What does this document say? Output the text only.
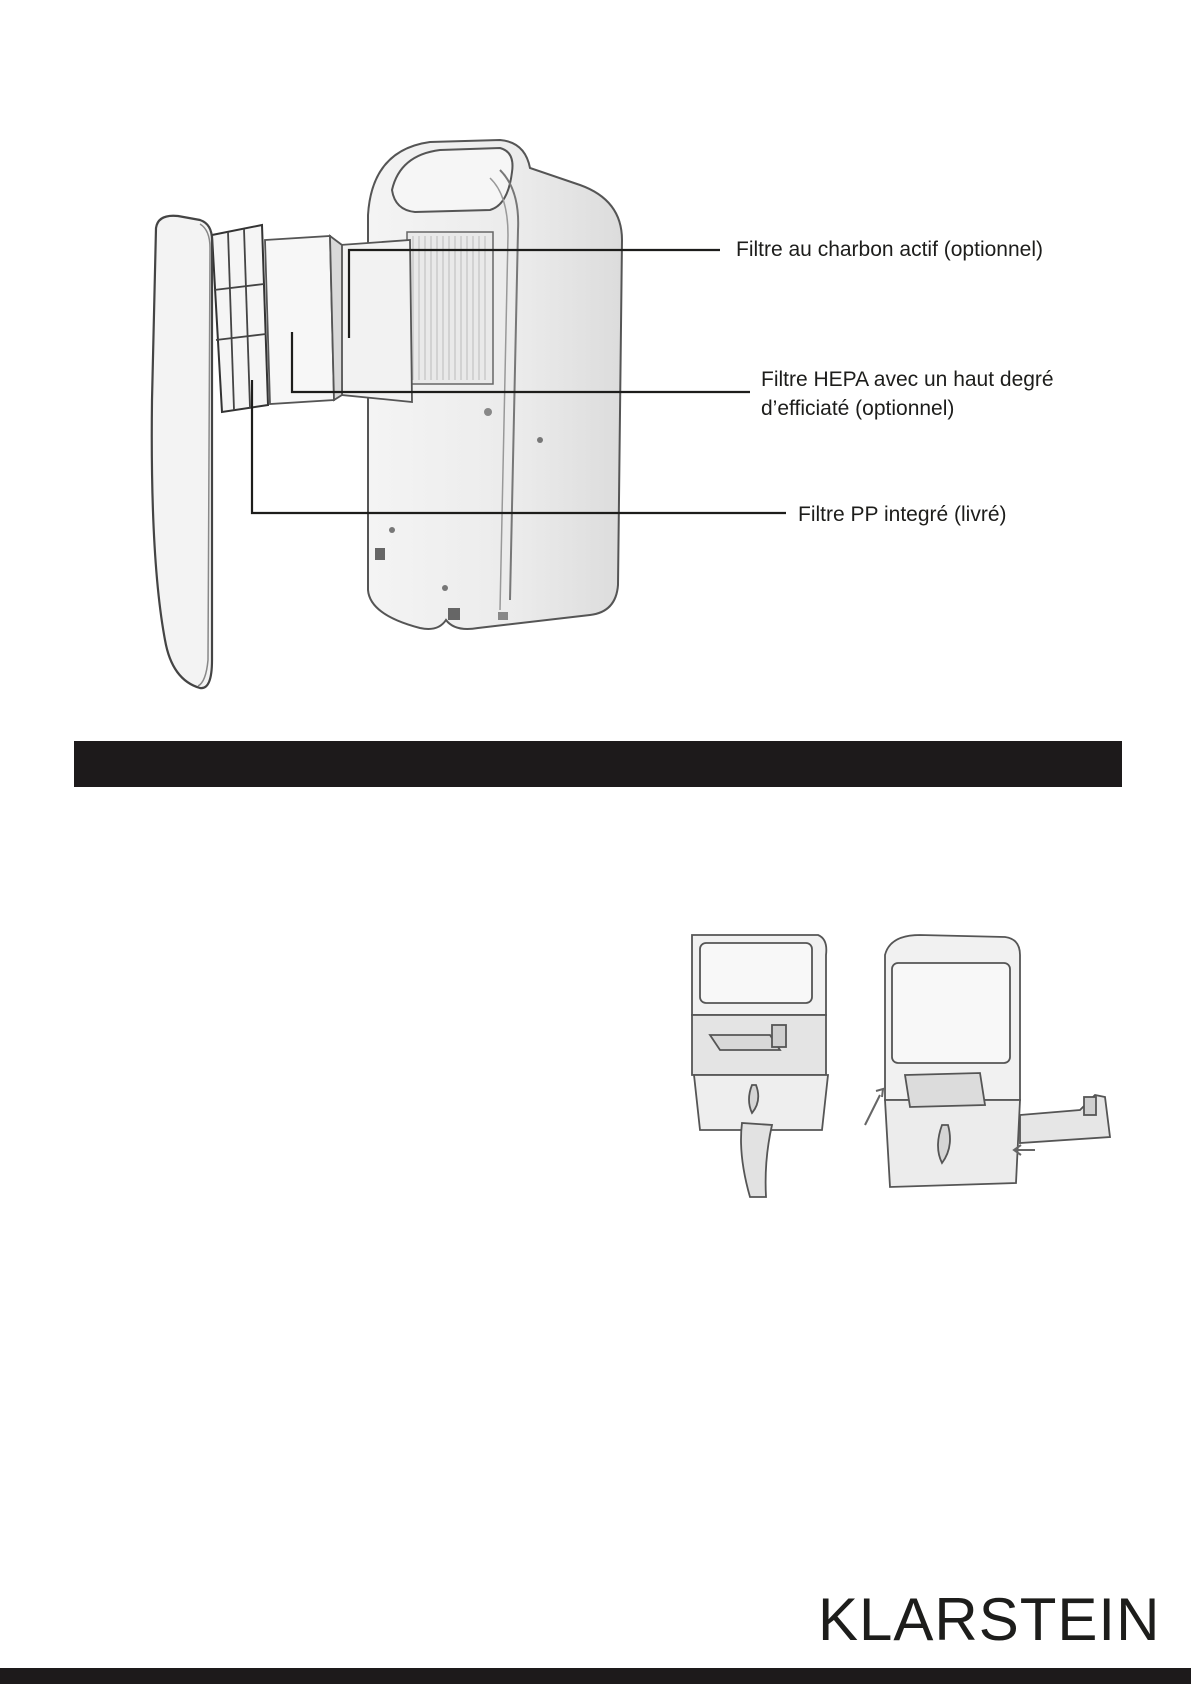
Filtre au charbon actif (optionnel)
Filtre HEPA avec un haut degré
d’efficiaté (optionnel)
Filtre PP integré (livré)
KLARSTEIN
